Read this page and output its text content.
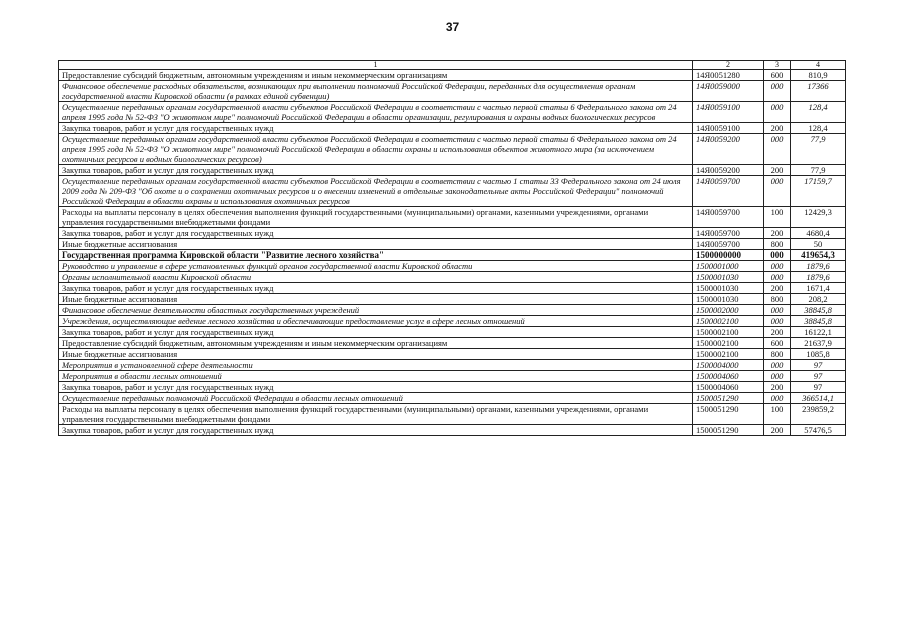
37
1	2	3	4
Предоставление субсидий бюджетным, автономным учреждениям и иным некоммерческим организациям	14Я0051280	600	810,9
Финансовое обеспечение расходных обязательств, возникающих при выполнении полномочий Российской Федерации, переданных для осуществления органам государственной власти Кировской области (в рамках единой субвенции)	14Я0059000	000	17366
Осуществление переданных органам государственной власти субъектов Российской Федерации в соответствии с частью первой статьи 6 Федерального закона от 24 апреля 1995 года № 52-ФЗ "О животном мире" полномочий Российской Федерации в области организации, регулирования и охраны водных биологических ресурсов	14Я0059100	000	128,4
Закупка товаров, работ и услуг для государственных нужд	14Я0059100	200	128,4
Осуществление переданных органам государственной власти субъектов Российской Федерации в соответствии с частью первой статьи 6 Федерального закона от 24 апреля 1995 года № 52-ФЗ "О животном мире" полномочий Российской Федерации в области охраны и использования объектов животного мира (за исключением охотничьих ресурсов и водных биологических ресурсов)	14Я0059200	000	77,9
Закупка товаров, работ и услуг для государственных нужд	14Я0059200	200	77,9
Осуществление переданных органам государственной власти субъектов Российской Федерации в соответствии с частью 1 статьи 33 Федерального закона от 24 июля 2009 года № 209-ФЗ "Об охоте и о сохранении охотничьих ресурсов и о внесении изменений в отдельные законодательные акты Российской Федерации" полномочий Российской Федерации в области охраны и использования охотничьих ресурсов	14Я0059700	000	17159,7
Расходы на выплаты персоналу в целях обеспечения выполнения функций государственными (муниципальными) органами, казенными учреждениями, органами управления государственными внебюджетными фондами	14Я0059700	100	12429,3
Закупка товаров, работ и услуг для государственных нужд	14Я0059700	200	4680,4
Иные бюджетные ассигнования	14Я0059700	800	50
Государственная программа Кировской области "Развитие лесного хозяйства"	1500000000	000	419654,3
Руководство и управление в сфере установленных функций органов государственной власти Кировской области	1500001000	000	1879,6
Органы исполнительной власти Кировской области	1500001030	000	1879,6
Закупка товаров, работ и услуг для государственных нужд	1500001030	200	1671,4
Иные бюджетные ассигнования	1500001030	800	208,2
Финансовое обеспечение деятельности областных государственных учреждений	1500002000	000	38845,8
Учреждения, осуществляющие ведение лесного хозяйства и обеспечивающие предоставление услуг в сфере лесных отношений	1500002100	000	38845,8
Закупка товаров, работ и услуг для государственных нужд	1500002100	200	16122,1
Предоставление субсидий бюджетным, автономным учреждениям и иным некоммерческим организациям	1500002100	600	21637,9
Иные бюджетные ассигнования	1500002100	800	1085,8
Мероприятия в установленной сфере деятельности	1500004000	000	97
Мероприятия в области лесных отношений	1500004060	000	97
Закупка товаров, работ и услуг для государственных нужд	1500004060	200	97
Осуществление переданных полномочий Российской Федерации в области лесных отношений	1500051290	000	366514,1
Расходы на выплаты персоналу в целях обеспечения выполнения функций государственными (муниципальными) органами, казенными учреждениями, органами управления государственными внебюджетными фондами	1500051290	100	239859,2
Закупка товаров, работ и услуг для государственных нужд	1500051290	200	57476,5
